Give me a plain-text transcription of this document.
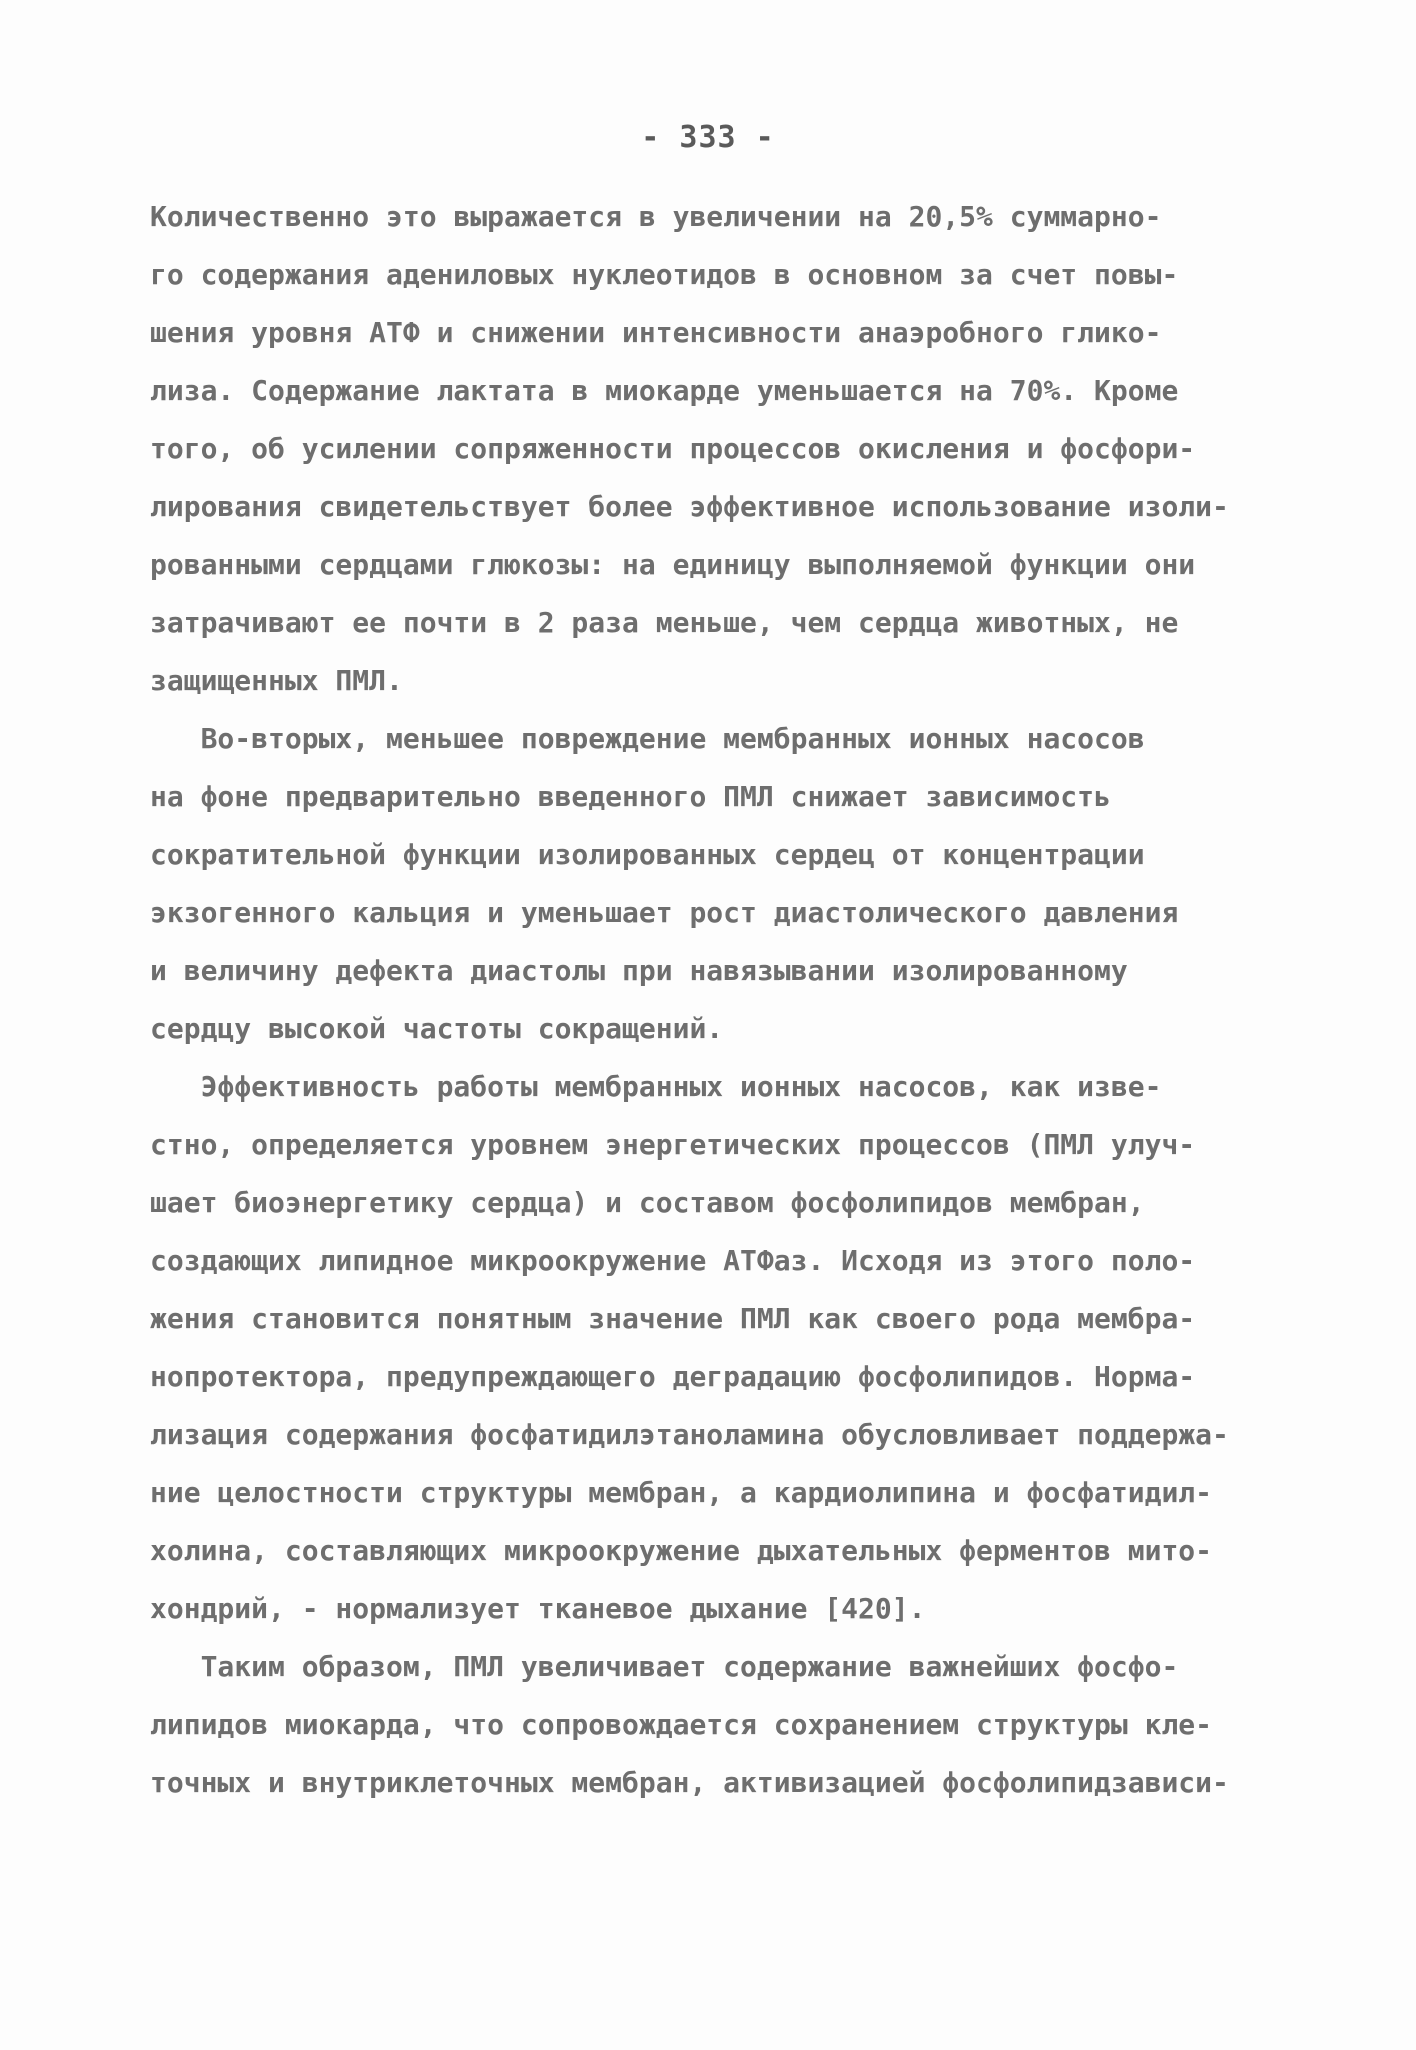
- 333 -
Количественно это выражается в увеличении на 20,5% суммарно-
го содержания адениловых нуклеотидов в основном за счет повы-
шения уровня АТФ и снижении интенсивности анаэробного глико-
лиза. Содержание лактата в миокарде уменьшается на 70%. Кроме
того, об усилении сопряженности процессов окисления и фосфори-
лирования свидетельствует более эффективное использование изоли-
рованными сердцами глюкозы: на единицу выполняемой функции они
затрачивают ее почти в 2 раза меньше, чем сердца животных, не
защищенных ПМЛ.
Во-вторых, меньшее повреждение мембранных ионных насосов
на фоне предварительно введенного ПМЛ снижает зависимость
сократительной функции изолированных сердец от концентрации
экзогенного кальция и уменьшает рост диастолического давления
и величину дефекта диастолы при навязывании изолированному
сердцу высокой частоты сокращений.
Эффективность работы мембранных ионных насосов, как изве-
стно, определяется уровнем энергетических процессов (ПМЛ улуч-
шает биоэнергетику сердца) и составом фосфолипидов мембран,
создающих липидное микроокружение АТФаз. Исходя из этого поло-
жения становится понятным значение ПМЛ как своего рода мембра-
нопротектора, предупреждающего деградацию фосфолипидов. Норма-
лизация содержания фосфатидилэтаноламина обусловливает поддержа-
ние целостности структуры мембран, а кардиолипина и фосфатидил-
холина, составляющих микроокружение дыхательных ферментов мито-
хондрий, - нормализует тканевое дыхание [420].
Таким образом, ПМЛ увеличивает содержание важнейших фосфо-
липидов миокарда, что сопровождается сохранением структуры кле-
точных и внутриклеточных мембран, активизацией фосфолипидзависи-
